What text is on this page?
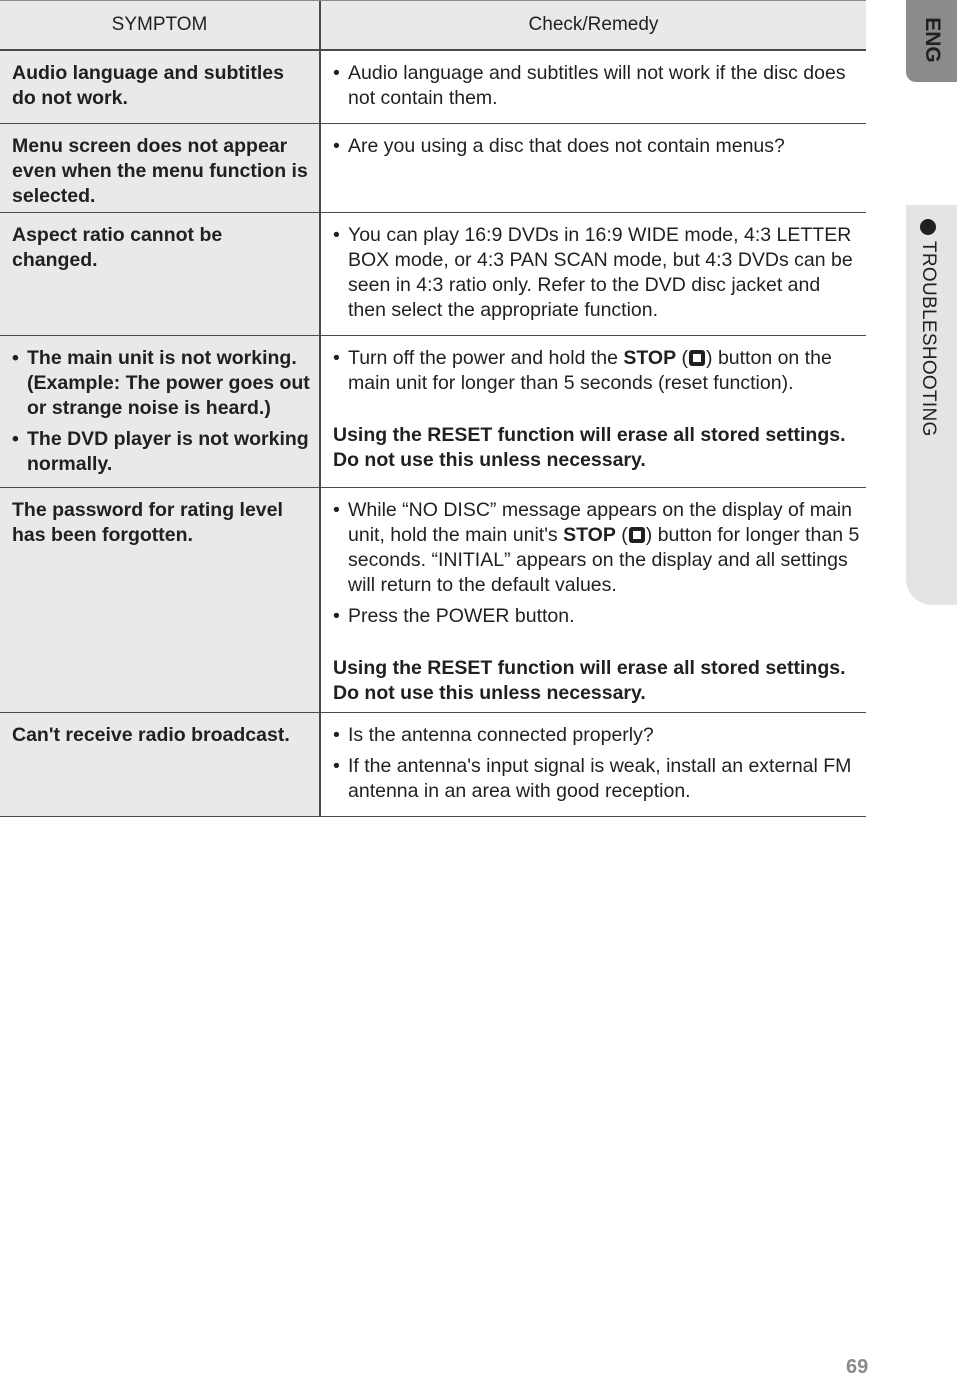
SYMPTOM	Check/Remedy
Audio language and subtitles do not work.
• Audio language and subtitles will not work if the disc does not contain them.
Menu screen does not appear even when the menu function is selected.
• Are you using a disc that does not contain menus?
Aspect ratio cannot be changed.
• You can play 16:9 DVDs in 16:9 WIDE mode, 4:3 LETTER BOX mode, or 4:3 PAN SCAN mode, but 4:3 DVDs can be seen in 4:3 ratio only. Refer to the DVD disc jacket and then select the appropriate function.
• The main unit is not working. (Example: The power goes out or strange noise is heard.)
• The DVD player is not working normally.
• Turn off the power and hold the STOP ( ) button on the main unit for longer than 5 seconds (reset function).
Using the RESET function will erase all stored settings.
Do not use this unless necessary.
The password for rating level has been forgotten.
• While “NO DISC” message appears on the display of main unit, hold the main unit's STOP ( ) button for longer than 5 seconds. “INITIAL” appears on the display and all settings will return to the default values.
• Press the POWER button.
Using the RESET function will erase all stored settings.
Do not use this unless necessary.
Can't receive radio broadcast.
•	Is the antenna connected properly?
• If the antenna's input signal is weak, install an external FM antenna in an area with good reception.
ENG
TROUBLESHOOTING
69
